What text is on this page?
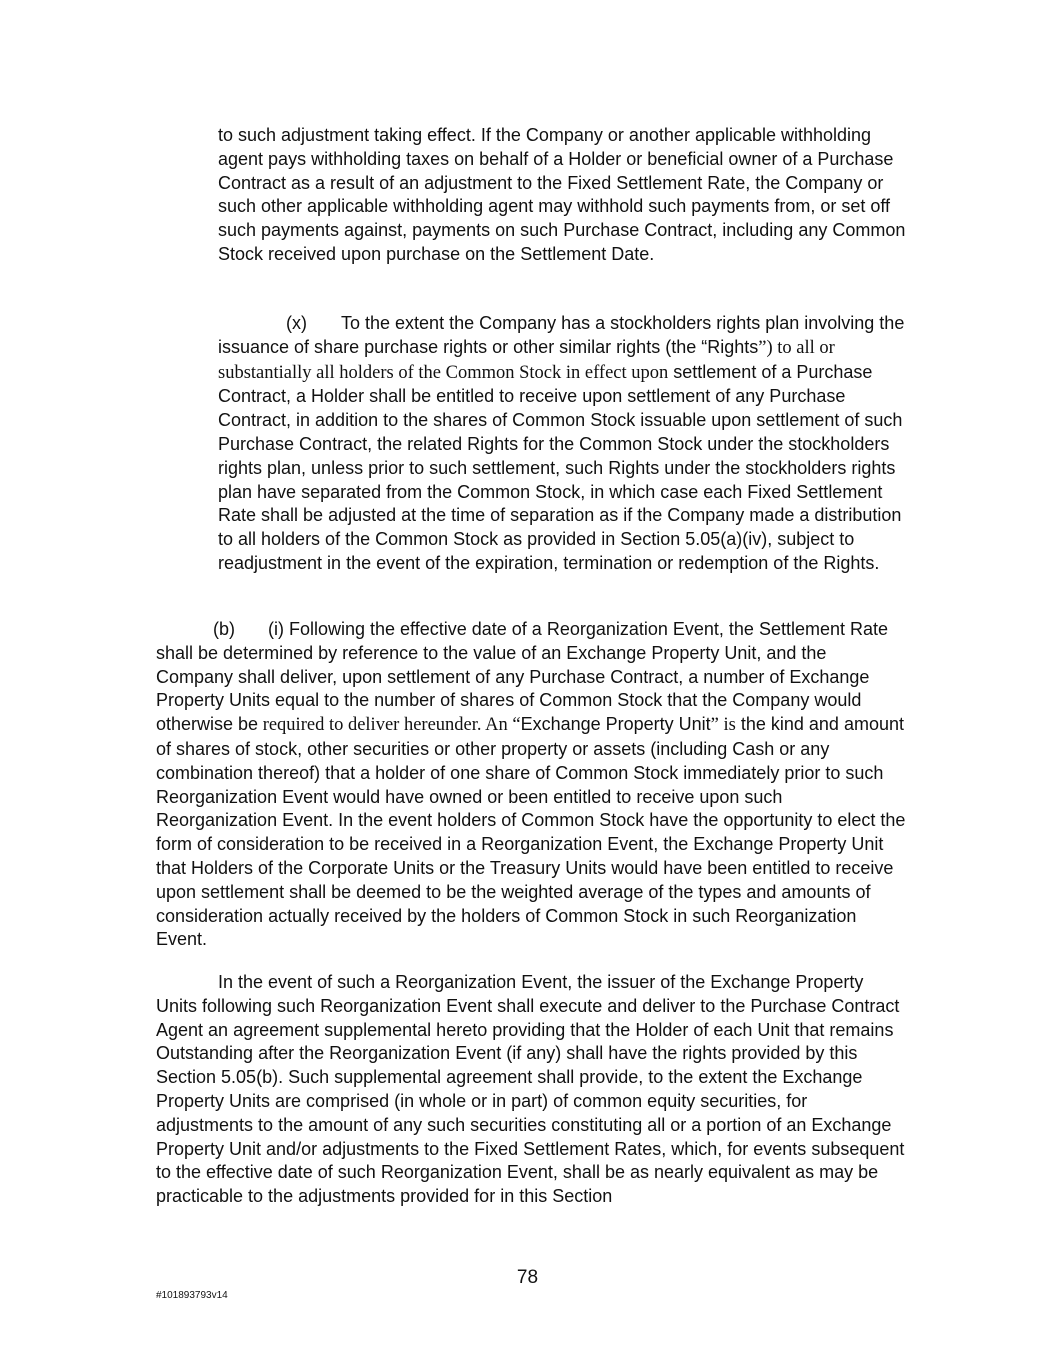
to such adjustment taking effect. If the Company or another applicable withholding agent pays withholding taxes on behalf of a Holder or beneficial owner of a Purchase Contract as a result of an adjustment to the Fixed Settlement Rate, the Company or such other applicable withholding agent may withhold such payments from, or set off such payments against, payments on such Purchase Contract, including any Common Stock received upon purchase on the Settlement Date.

(x) To the extent the Company has a stockholders rights plan involving the issuance of share purchase rights or other similar rights (the “Rights”) to all or substantially all holders of the Common Stock in effect upon settlement of a Purchase Contract, a Holder shall be entitled to receive upon settlement of any Purchase Contract, in addition to the shares of Common Stock issuable upon settlement of such Purchase Contract, the related Rights for the Common Stock under the stockholders rights plan, unless prior to such settlement, such Rights under the stockholders rights plan have separated from the Common Stock, in which case each Fixed Settlement Rate shall be adjusted at the time of separation as if the Company made a distribution to all holders of the Common Stock as provided in Section 5.05(a)(iv), subject to readjustment in the event of the expiration, termination or redemption of the Rights.

(b) (i) Following the effective date of a Reorganization Event, the Settlement Rate shall be determined by reference to the value of an Exchange Property Unit, and the Company shall deliver, upon settlement of any Purchase Contract, a number of Exchange Property Units equal to the number of shares of Common Stock that the Company would otherwise be required to deliver hereunder. An “Exchange Property Unit” is the kind and amount of shares of stock, other securities or other property or assets (including Cash or any combination thereof) that a holder of one share of Common Stock immediately prior to such Reorganization Event would have owned or been entitled to receive upon such Reorganization Event. In the event holders of Common Stock have the opportunity to elect the form of consideration to be received in a Reorganization Event, the Exchange Property Unit that Holders of the Corporate Units or the Treasury Units would have been entitled to receive upon settlement shall be deemed to be the weighted average of the types and amounts of consideration actually received by the holders of Common Stock in such Reorganization Event.

In the event of such a Reorganization Event, the issuer of the Exchange Property Units following such Reorganization Event shall execute and deliver to the Purchase Contract Agent an agreement supplemental hereto providing that the Holder of each Unit that remains Outstanding after the Reorganization Event (if any) shall have the rights provided by this Section 5.05(b). Such supplemental agreement shall provide, to the extent the Exchange Property Units are comprised (in whole or in part) of common equity securities, for adjustments to the amount of any such securities constituting all or a portion of an Exchange Property Unit and/or adjustments to the Fixed Settlement Rates, which, for events subsequent to the effective date of such Reorganization Event, shall be as nearly equivalent as may be practicable to the adjustments provided for in this Section

78
#101893793v14
